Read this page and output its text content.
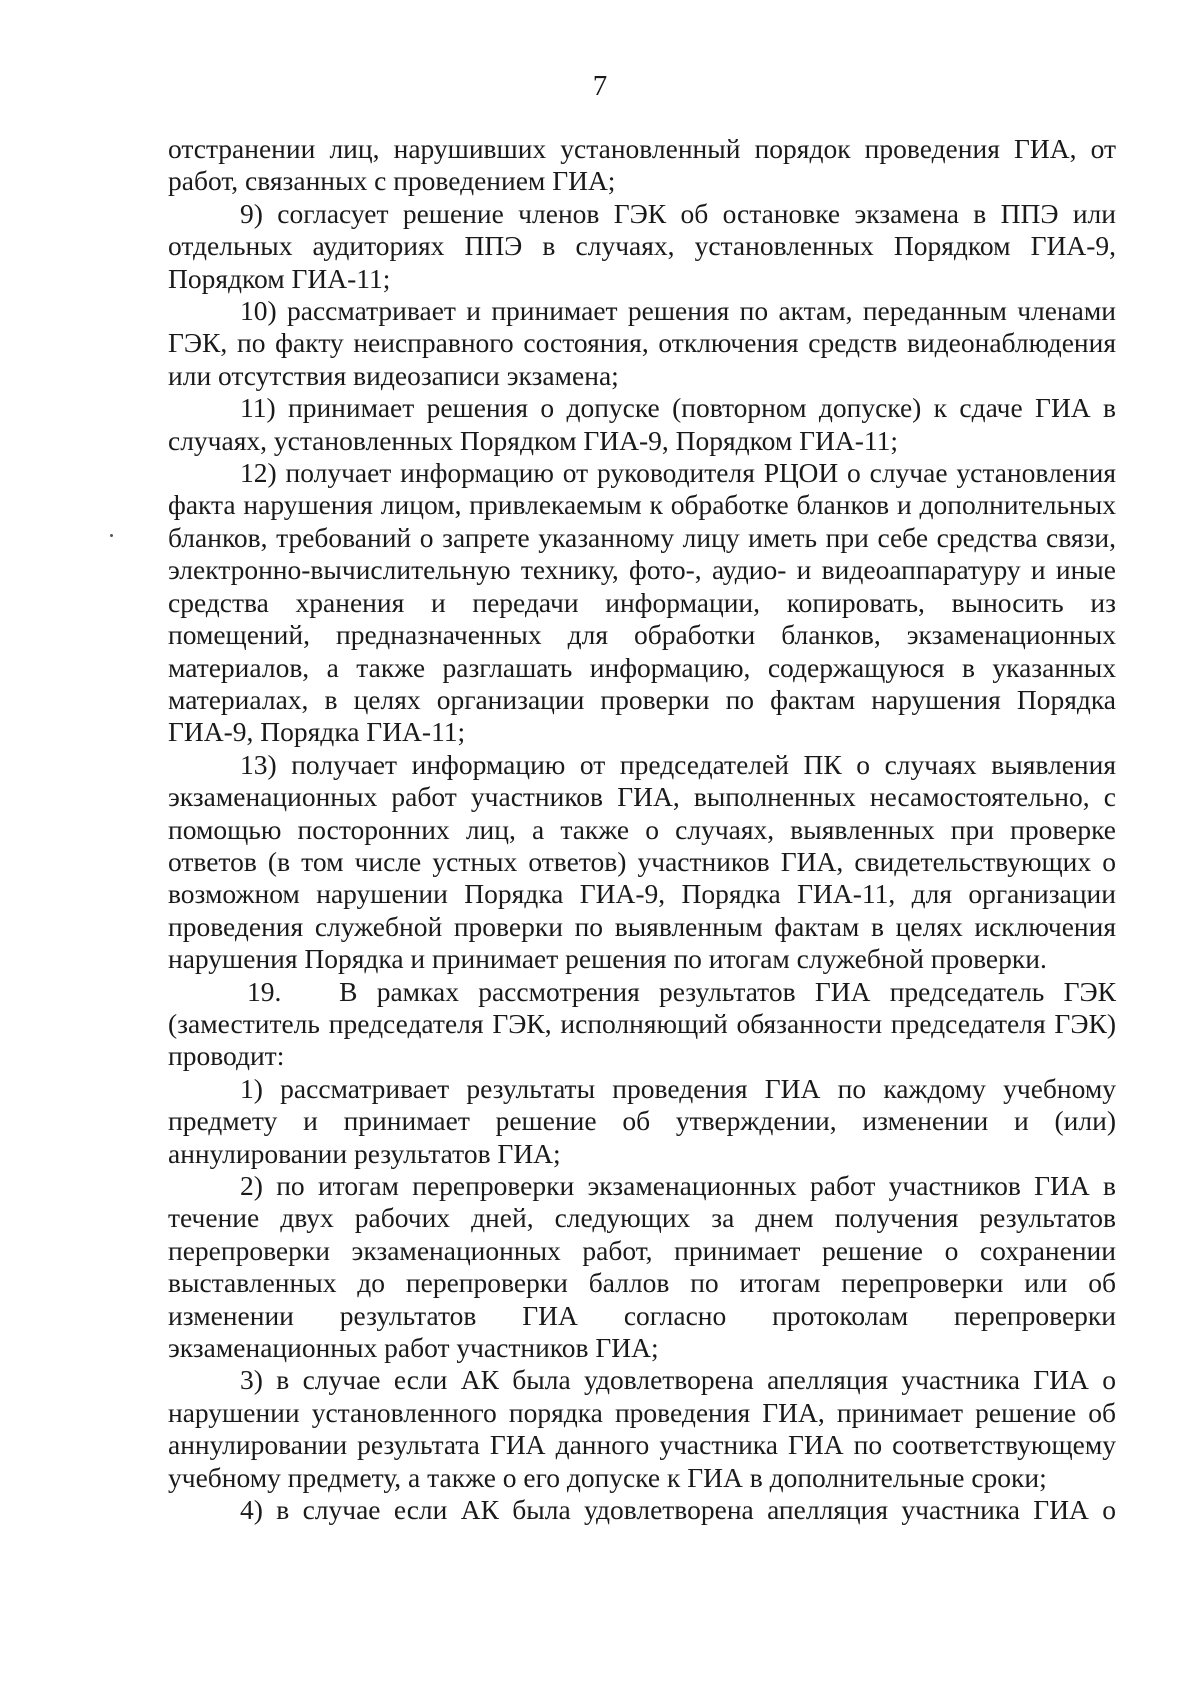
7

отстранении лиц, нарушивших установленный порядок проведения ГИА, от работ, связанных с проведением ГИА;

9) согласует решение членов ГЭК об остановке экзамена в ППЭ или отдельных аудиториях ППЭ в случаях, установленных Порядком ГИА-9, Порядком ГИА-11;

10) рассматривает и принимает решения по актам, переданным членами ГЭК, по факту неисправного состояния, отключения средств видеонаблюдения или отсутствия видеозаписи экзамена;

11) принимает решения о допуске (повторном допуске) к сдаче ГИА в случаях, установленных Порядком ГИА-9, Порядком ГИА-11;

12) получает информацию от руководителя РЦОИ о случае установления факта нарушения лицом, привлекаемым к обработке бланков и дополнительных бланков, требований о запрете указанному лицу иметь при себе средства связи, электронно-вычислительную технику, фото-, аудио- и видеоаппаратуру и иные средства хранения и передачи информации, копировать, выносить из помещений, предназначенных для обработки бланков, экзаменационных материалов, а также разглашать информацию, содержащуюся в указанных материалах, в целях организации проверки по фактам нарушения Порядка ГИА-9, Порядка ГИА-11;

13) получает информацию от председателей ПК о случаях выявления экзаменационных работ участников ГИА, выполненных несамостоятельно, с помощью посторонних лиц, а также о случаях, выявленных при проверке ответов (в том числе устных ответов) участников ГИА, свидетельствующих о возможном нарушении Порядка ГИА-9, Порядка ГИА-11, для организации проведения служебной проверки по выявленным фактам в целях исключения нарушения Порядка и принимает решения по итогам служебной проверки.

19.   В рамках рассмотрения результатов ГИА председатель ГЭК (заместитель председателя ГЭК, исполняющий обязанности председателя ГЭК) проводит:

1) рассматривает результаты проведения ГИА по каждому учебному предмету и принимает решение об утверждении, изменении и (или) аннулировании результатов ГИА;

2) по итогам перепроверки экзаменационных работ участников ГИА в течение двух рабочих дней, следующих за днем получения результатов перепроверки экзаменационных работ, принимает решение о сохранении выставленных до перепроверки баллов по итогам перепроверки или об изменении результатов ГИА согласно протоколам перепроверки экзаменационных работ участников ГИА;

3) в случае если АК была удовлетворена апелляция участника ГИА о нарушении установленного порядка проведения ГИА, принимает решение об аннулировании результата ГИА данного участника ГИА по соответствующему учебному предмету, а также о его допуске к ГИА в дополнительные сроки;

4) в случае если АК была удовлетворена апелляция участника ГИА о
